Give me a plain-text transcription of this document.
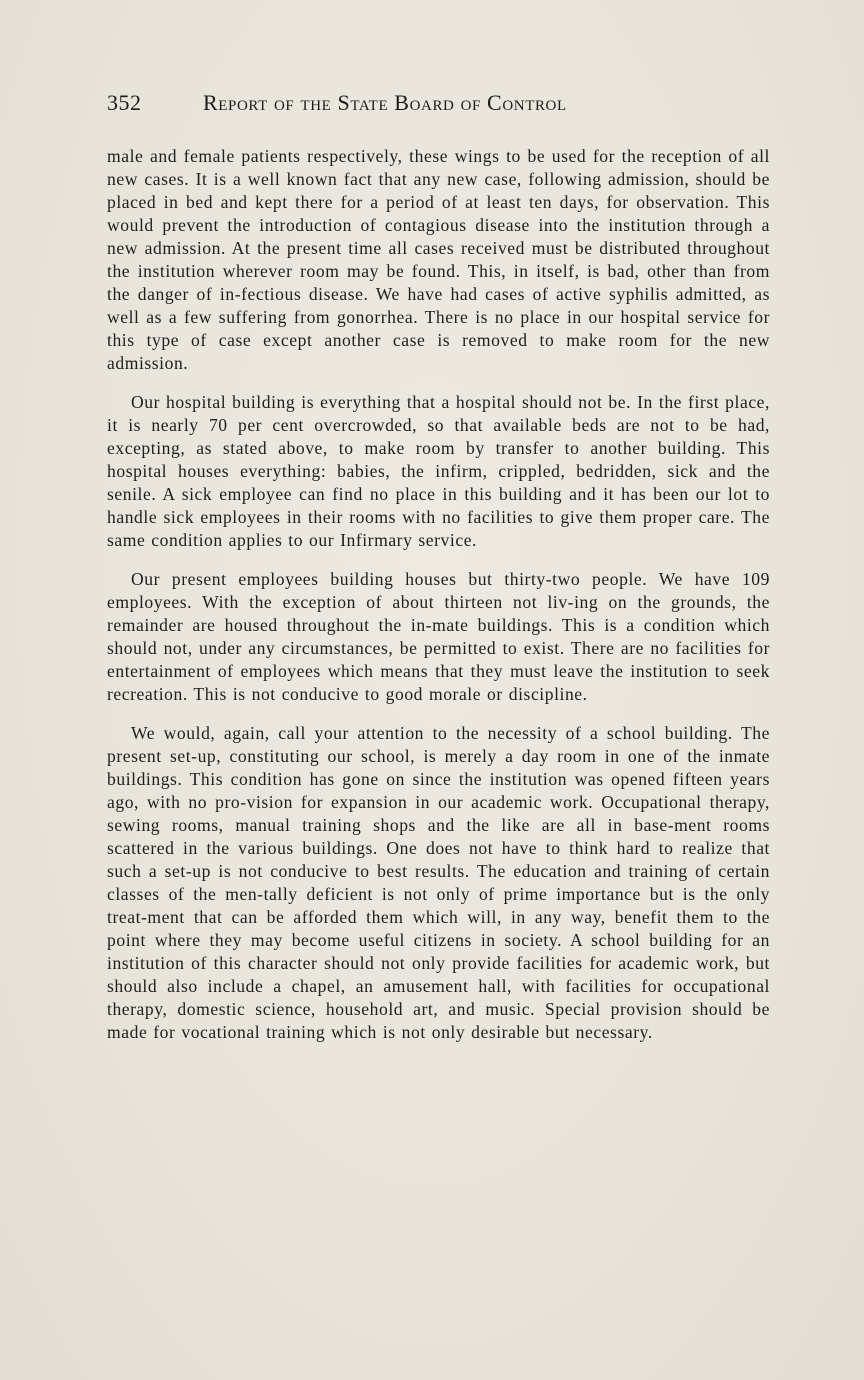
352	Report of the State Board of Control

male and female patients respectively, these wings to be used for the reception of all new cases. It is a well known fact that any new case, following admission, should be placed in bed and kept there for a period of at least ten days, for observation. This would prevent the introduction of contagious disease into the institution through a new admission. At the present time all cases received must be distributed throughout the institution wherever room may be found. This, in itself, is bad, other than from the danger of in-fectious disease. We have had cases of active syphilis admitted, as well as a few suffering from gonorrhea. There is no place in our hospital service for this type of case except another case is removed to make room for the new admission.

Our hospital building is everything that a hospital should not be. In the first place, it is nearly 70 per cent overcrowded, so that available beds are not to be had, excepting, as stated above, to make room by transfer to another building. This hospital houses everything: babies, the infirm, crippled, bedridden, sick and the senile. A sick employee can find no place in this building and it has been our lot to handle sick employees in their rooms with no facilities to give them proper care. The same condition applies to our Infirmary service.

Our present employees building houses but thirty-two people. We have 109 employees. With the exception of about thirteen not liv-ing on the grounds, the remainder are housed throughout the in-mate buildings. This is a condition which should not, under any circumstances, be permitted to exist. There are no facilities for entertainment of employees which means that they must leave the institution to seek recreation. This is not conducive to good morale or discipline.

We would, again, call your attention to the necessity of a school building. The present set-up, constituting our school, is merely a day room in one of the inmate buildings. This condition has gone on since the institution was opened fifteen years ago, with no pro-vision for expansion in our academic work. Occupational therapy, sewing rooms, manual training shops and the like are all in base-ment rooms scattered in the various buildings. One does not have to think hard to realize that such a set-up is not conducive to best results. The education and training of certain classes of the men-tally deficient is not only of prime importance but is the only treat-ment that can be afforded them which will, in any way, benefit them to the point where they may become useful citizens in society. A school building for an institution of this character should not only provide facilities for academic work, but should also include a chapel, an amusement hall, with facilities for occupational therapy, domestic science, household art, and music. Special provision should be made for vocational training which is not only desirable but necessary.
